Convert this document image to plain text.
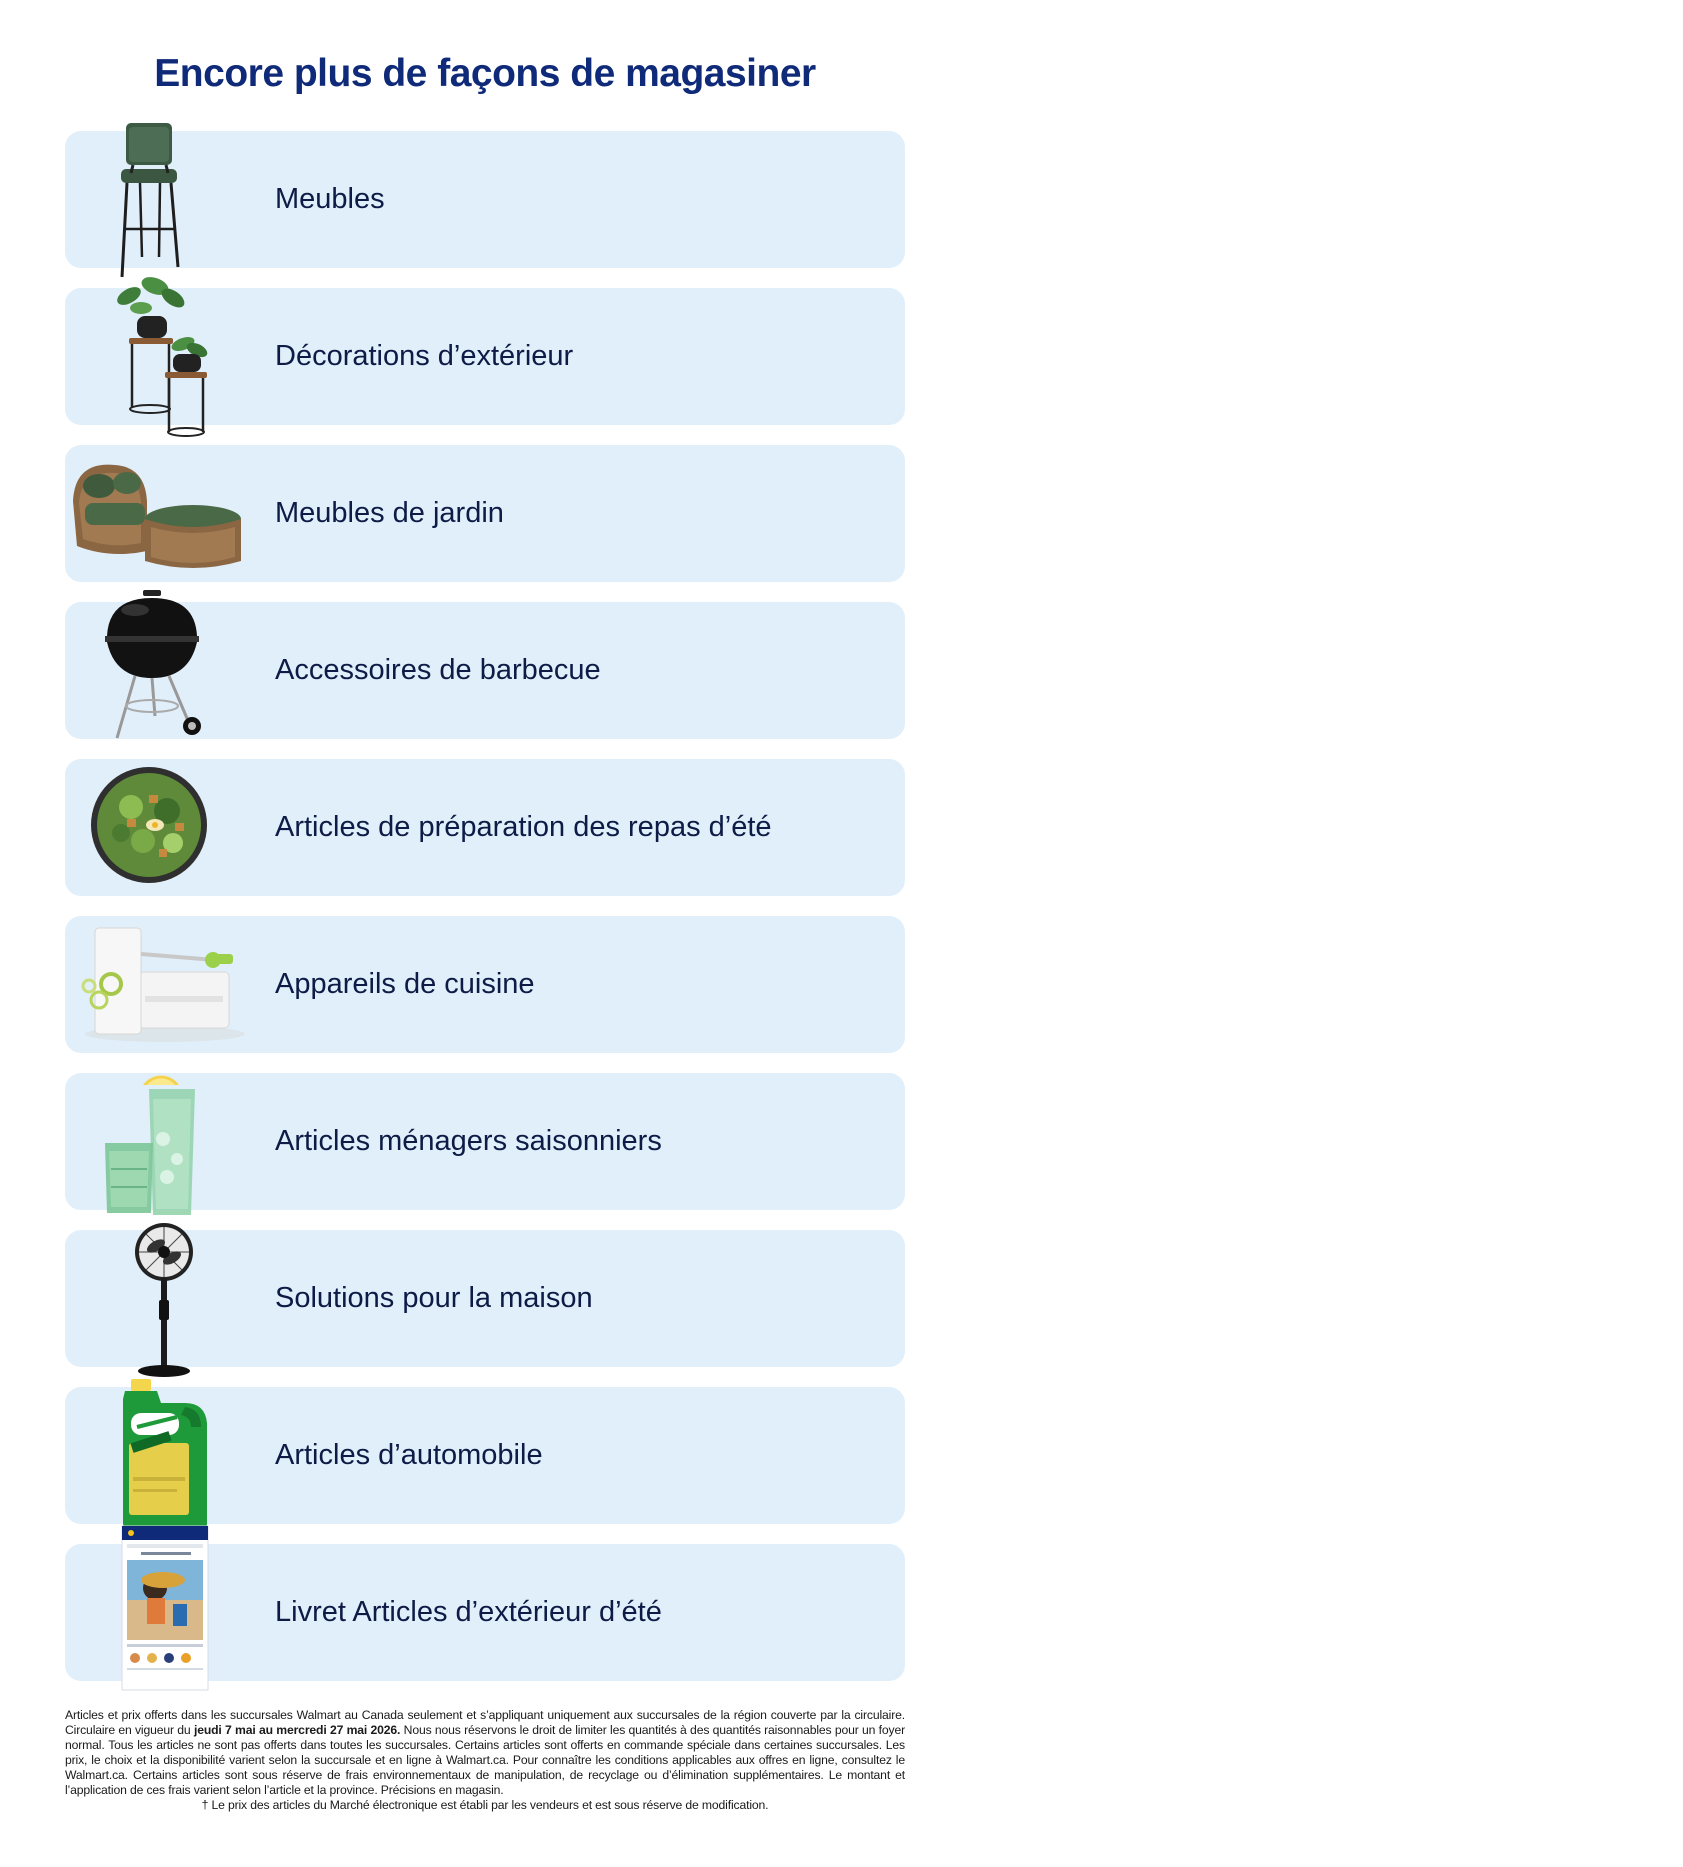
Encore plus de façons de magasiner
Meubles
Décorations d’extérieur
Meubles de jardin
Accessoires de barbecue
Articles de préparation des repas d’été
Appareils de cuisine
Articles ménagers saisonniers
Solutions pour la maison
Articles d’automobile
Livret Articles d’extérieur d’été

Articles et prix offerts dans les succursales Walmart au Canada seulement et s’appliquant uniquement aux succursales de la région couverte par la circulaire. Circulaire en vigueur du jeudi 7 mai au mercredi 27 mai 2026. Nous nous réservons le droit de limiter les quantités à des quantités raisonnables pour un foyer normal. Tous les articles ne sont pas offerts dans toutes les succursales. Certains articles sont offerts en commande spéciale dans certaines succursales. Les prix, le choix et la disponibilité varient selon la succursale et en ligne à Walmart.ca. Pour connaître les conditions applicables aux offres en ligne, consultez le Walmart.ca. Certains articles sont sous réserve de frais environnementaux de manipulation, de recyclage ou d’élimination supplémentaires. Le montant et l’application de ces frais varient selon l’article et la province. Précisions en magasin.

† Le prix des articles du Marché électronique est établi par les vendeurs et est sous réserve de modification.
